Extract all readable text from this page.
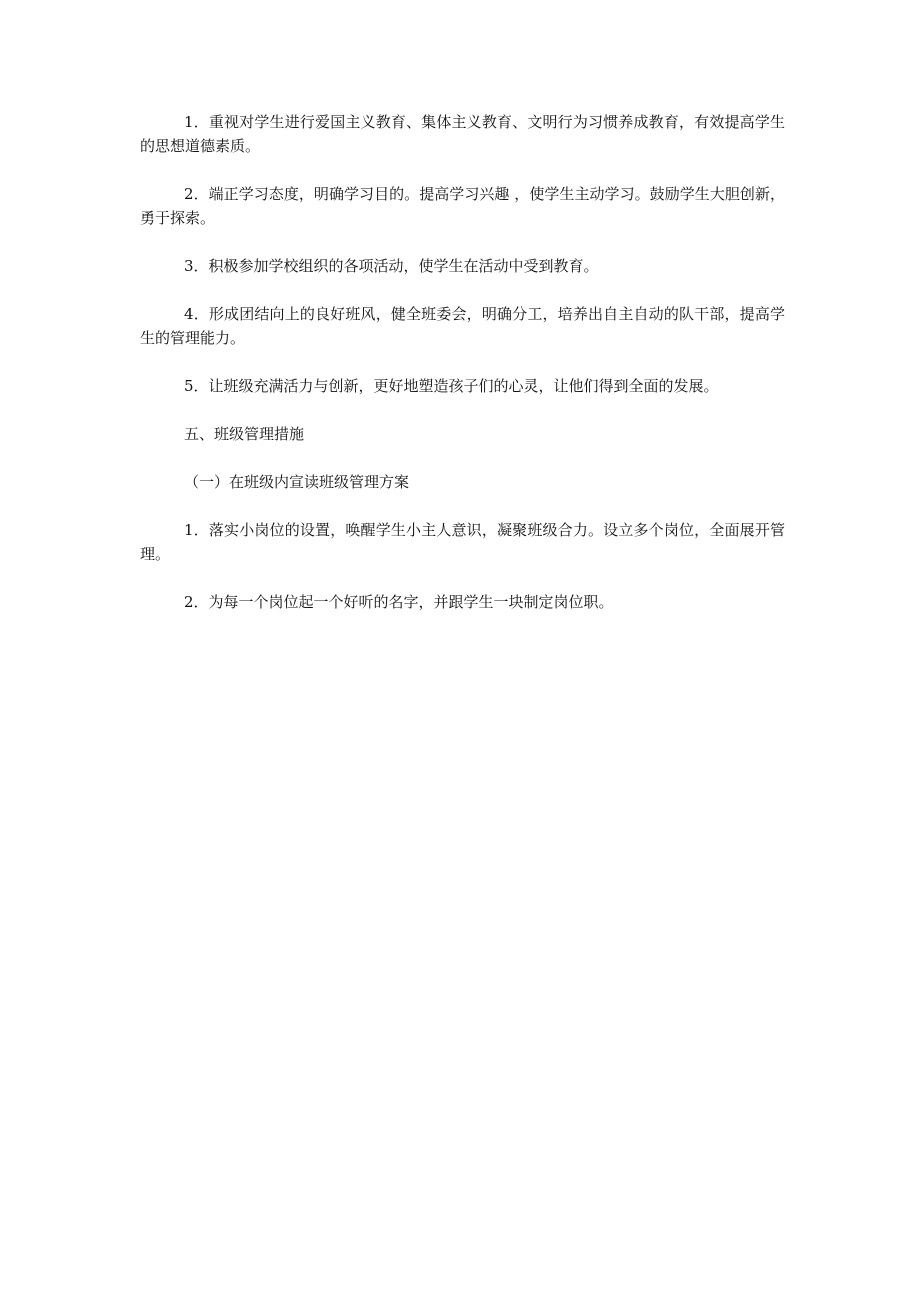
1．重视对学生进行爱国主义教育、集体主义教育、文明行为习惯养成教育，有效提高学生的思想道德素质。

2．端正学习态度，明确学习目的。提高学习兴趣 ，使学生主动学习。鼓励学生大胆创新，勇于探索。

3．积极参加学校组织的各项活动，使学生在活动中受到教育。

4．形成团结向上的良好班风，健全班委会，明确分工，培养出自主自动的队干部，提高学生的管理能力。

5．让班级充满活力与创新，更好地塑造孩子们的心灵，让他们得到全面的发展。

五、班级管理措施

（一）在班级内宣读班级管理方案

1．落实小岗位的设置，唤醒学生小主人意识，凝聚班级合力。设立多个岗位，全面展开管理。

2．为每一个岗位起一个好听的名字，并跟学生一块制定岗位职。
